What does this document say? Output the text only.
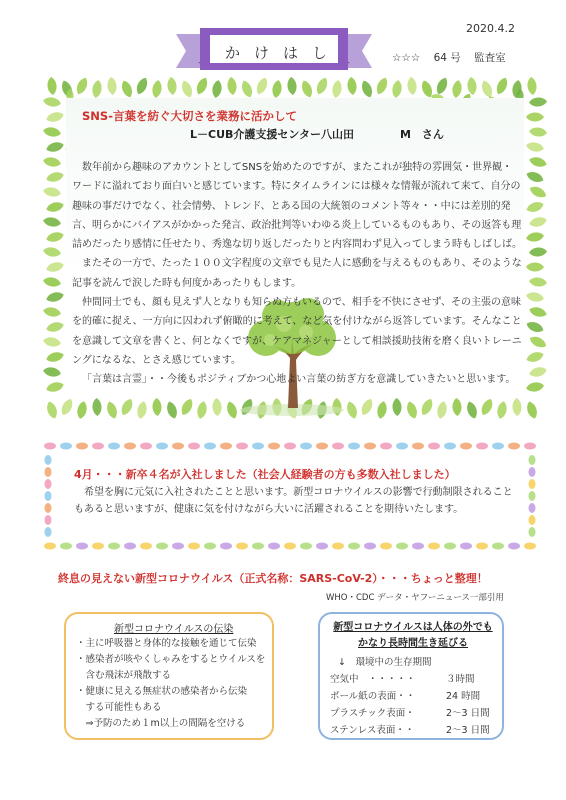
2020.4.2
かけはし	☆☆☆ 64 号 監査室
SNS-言葉を紡ぐ大切さを業務に活かして
L－CUB介護支援センター八山田	M　さん

数年前から趣味のアカウントとしてSNSを始めたのですが、またこれが独特の雰囲気・世界観・ワードに溢れており面白いと感じています。特にタイムラインには様々な情報が流れて来て、自分の趣味の事だけでなく、社会情勢、トレンド、とある国の大統領のコメント等々・・中には差別的発言、明らかにバイアスがかかった発言、政治批判等いわゆる炎上しているものもあり、その返答も理詰めだったり感情に任せたり、秀逸な切り返しだったりと内容問わず見入ってしまう時もしばしば。

またその一方で、たった１００文字程度の文章でも見た人に感動を与えるものもあり、そのような記事を読んで涙した時も何度かあったりもします。

仲間同士でも、顔も見えず人となりも知らぬ方もいるので、相手を不快にさせず、その主張の意味を的確に捉え、一方向に囚われず俯瞰的に考えて、など気を付けながら返答しています。そんなことを意識して文章を書くと、何となくですが、ケアマネジャーとして相談援助技術を磨く良いトレーニングになるな、とさえ感じています。

「言葉は言霊」・・今後もポジティブかつ心地よい言葉の紡ぎ方を意識していきたいと思います。

4月・・・新卒４名が入社しました（社会人経験者の方も多数入社しました）

希望を胸に元気に入社されたことと思います。新型コロナウイルスの影響で行動制限されることもあると思いますが、健康に気を付けながら大いに活躍されることを期待いたします。

終息の見えない新型コロナウイルス（正式名称：SARS-CoV-2）・・・ちょっと整理！
WHO・CDC データ・ヤフーニュース一部引用
新型コロナウイルスの伝染
・主に呼吸器と身体的な接触を通じて伝染
・感染者が咳やくしゃみをするとウイルスを
　含む飛沫が飛散する
・健康に見える無症状の感染者から伝染
　する可能性もある
　⇒予防のため１m以上の間隔を空ける
新型コロナウイルスは人体の外でも
かなり長時間生き延びる
↓　環境中の生存期間
空気中　・・・・・	３時間
ボール紙の表面・・	24 時間
プラスチック表面・	2～3 日間
ステンレス表面・・	2～3 日間
